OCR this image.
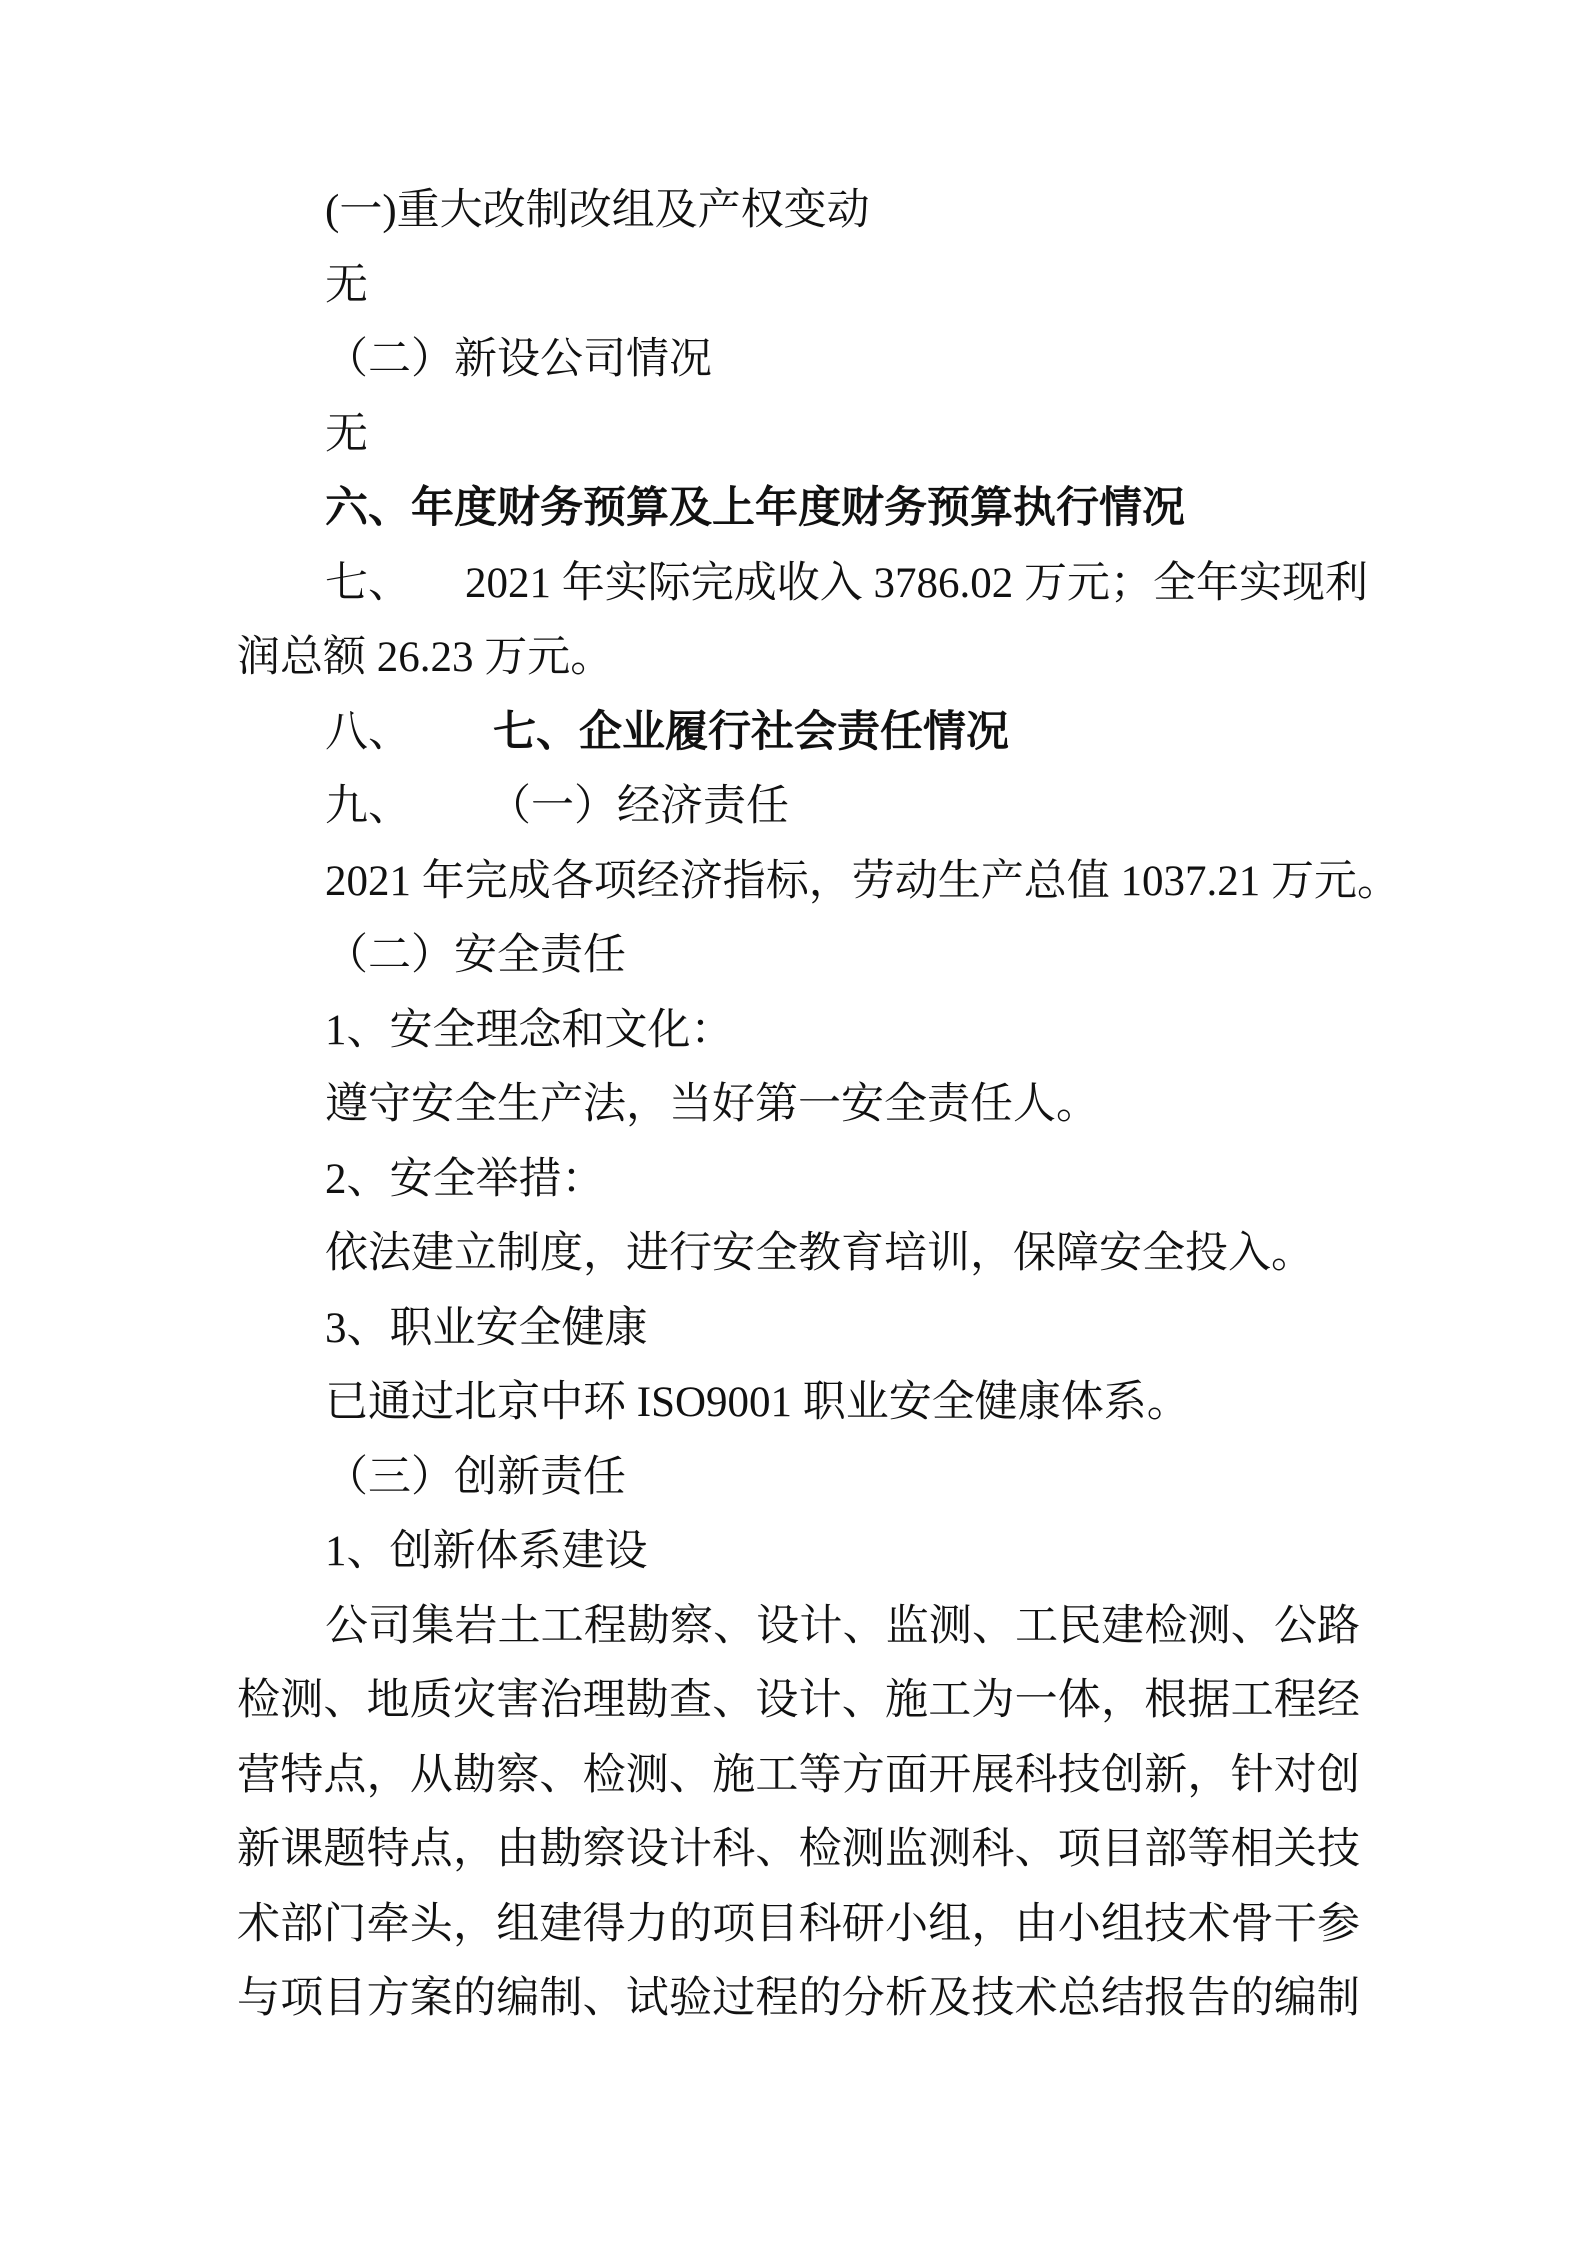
(一)重大改制改组及产权变动
无
（二）新设公司情况
无
六、年度财务预算及上年度财务预算执行情况
七、 2021 年实际完成收入 3786.02 万元；全年实现利
润总额 26.23 万元。
八、 七、企业履行社会责任情况
九、 （一）经济责任
2021 年完成各项经济指标，劳动生产总值 1037.21 万元。
（二）安全责任
1、安全理念和文化：
遵守安全生产法，当好第一安全责任人。
2、安全举措：
依法建立制度，进行安全教育培训，保障安全投入。
3、职业安全健康
已通过北京中环 ISO9001 职业安全健康体系。
（三）创新责任
1、创新体系建设
公司集岩土工程勘察、设计、监测、工民建检测、公路
检测、地质灾害治理勘查、设计、施工为一体，根据工程经
营特点，从勘察、检测、施工等方面开展科技创新，针对创
新课题特点，由勘察设计科、检测监测科、项目部等相关技
术部门牵头，组建得力的项目科研小组，由小组技术骨干参
与项目方案的编制、试验过程的分析及技术总结报告的编制
